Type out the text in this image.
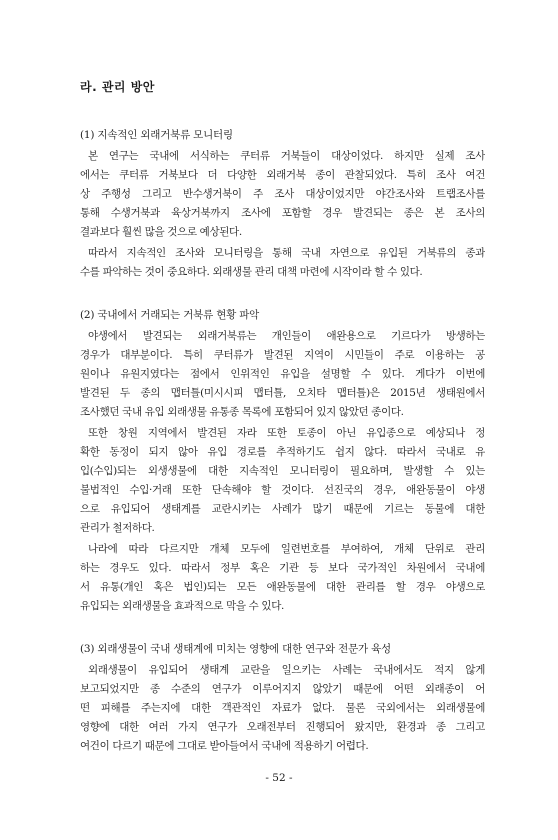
라. 관리 방안
(1) 지속적인 외래거북류 모니터링
본 연구는 국내에 서식하는 쿠터류 거북들이 대상이었다. 하지만 실제 조사
에서는 쿠터류 거북보다 더 다양한 외래거북 종이 관찰되었다. 특히 조사 여건
상 주행성 그리고 반수생거북이 주 조사 대상이었지만 야간조사와 트랩조사를
통해 수생거북과 육상거북까지 조사에 포함할 경우 발견되는 종은 본 조사의
결과보다 훨씬 많을 것으로 예상된다.
따라서 지속적인 조사와 모니터링을 통해 국내 자연으로 유입된 거북류의 종과
수를 파악하는 것이 중요하다. 외래생물 관리 대책 마련에 시작이라 할 수 있다.
(2) 국내에서 거래되는 거북류 현황 파악
야생에서 발견되는 외래거북류는 개인들이 애완용으로 기르다가 방생하는
경우가 대부분이다. 특히 쿠터류가 발견된 지역이 시민들이 주로 이용하는 공
원이나 유원지였다는 점에서 인위적인 유입을 설명할 수 있다. 게다가 이번에
발견된 두 종의 맵터틀(미시시피 맵터틀, 오치타 맵터틀)은 2015년 생태원에서
조사했던 국내 유입 외래생물 유통종 목록에 포함되어 있지 않았던 종이다.
또한 창원 지역에서 발견된 자라 또한 토종이 아닌 유입종으로 예상되나 정
확한 동정이 되지 않아 유입 경로를 추적하기도 쉽지 않다. 따라서 국내로 유
입(수입)되는 외생생물에 대한 지속적인 모니터링이 필요하며, 발생할 수 있는
불법적인 수입·거래 또한 단속해야 할 것이다. 선진국의 경우, 애완동물이 야생
으로 유입되어 생태계를 교란시키는 사례가 많기 때문에 기르는 동물에 대한
관리가 철저하다.
나라에 따라 다르지만 개체 모두에 일련번호를 부여하여, 개체 단위로 관리
하는 경우도 있다. 따라서 정부 혹은 기관 등 보다 국가적인 차원에서 국내에
서 유통(개인 혹은 법인)되는 모든 애완동물에 대한 관리를 할 경우 야생으로
유입되는 외래생물을 효과적으로 막을 수 있다.
(3) 외래생물이 국내 생태계에 미치는 영향에 대한 연구와 전문가 육성
외래생물이 유입되어 생태계 교란을 일으키는 사례는 국내에서도 적지 않게
보고되었지만 종 수준의 연구가 이루어지지 않았기 때문에 어떤 외래종이 어
떤 피해를 주는지에 대한 객관적인 자료가 없다. 물론 국외에서는 외래생물에
영향에 대한 여러 가지 연구가 오래전부터 진행되어 왔지만, 환경과 종 그리고
여건이 다르기 때문에 그대로 받아들여서 국내에 적용하기 어렵다.
- 52 -
